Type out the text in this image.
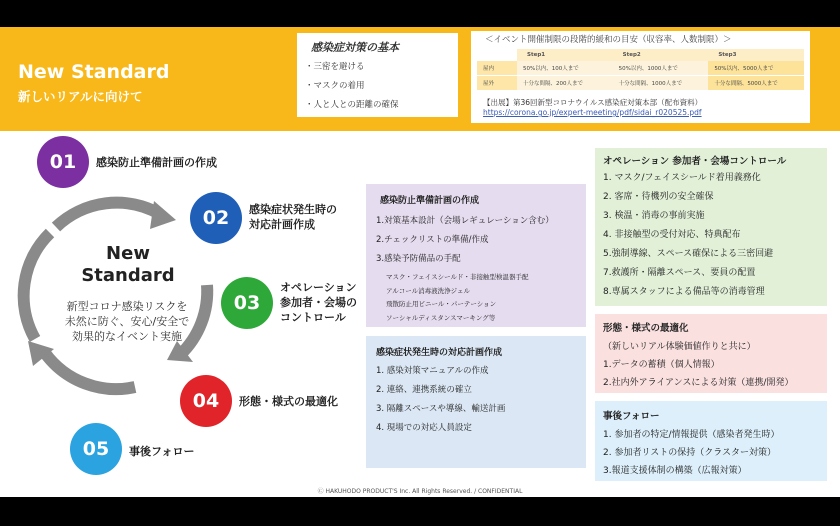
New Standard
新しいリアルに向けて
感染症対策の基本
・三密を避ける
・マスクの着用
・人と人との距離の確保
＜イベント開催制限の段階的緩和の目安（収容率、人数制限）＞
	Step1	Step2	Step3
屋内	50%以内、100人まで	50%以内、1000人まで	50%以内、5000人まで
屋外	十分な間隔、200人まで	十分な間隔、1000人まで	十分な間隔、5000人まで
【出展】第36回新型コロナウイルス感染症対策本部（配布資料）
https://corona.go.jp/expert-meeting/pdf/sidai_r020525.pdf
New
Standard
新型コロナ感染リスクを
未然に防ぐ、安心/安全で
効果的なイベント実施
01	感染防止準備計画の作成
02	感染症状発生時の
対応計画作成
03
オペレーション
参加者・会場の
コントロール
04	形態・様式の最適化
05	事後フォロー
感染防止準備計画の作成
1.対策基本設計（会場レギュレーション含む）
2.チェックリストの準備/作成
3.感染予防備品の手配
マスク・フェイスシールド・非接触型検温器手配
アルコール消毒液洗浄ジェル
飛散防止用ビニール・パーテーション
ソーシャルディスタンスマーキング等
感染症状発生時の対応計画作成
1. 感染対策マニュアルの作成
2. 連絡、連携系統の確立
3. 隔離スペースや導線、輸送計画
4. 現場での対応人員設定
オペレーション 参加者・会場コントロール
1. マスク/フェイスシールド着用義務化
2. 客席・待機列の安全確保
3. 検温・消毒の事前実施
4. 非接触型の受付対応、特典配布
5.強制導線、スペース確保による三密回避
7.救護所・隔離スペース、要員の配置
8.専属スタッフによる備品等の消毒管理
形態・様式の最適化
（新しいリアル体験価値作りと共に）
1.データの蓄積（個人情報）
2.社内外アライアンスによる対策（連携/開発）
事後フォロー
1. 参加者の特定/情報提供（感染者発生時）
2. 参加者リストの保持（クラスター対策）
3.報道支援体制の構築（広報対策）
Ⓒ HAKUHODO PRODUCT'S Inc. All Rights Reserved. / CONFIDENTIAL
